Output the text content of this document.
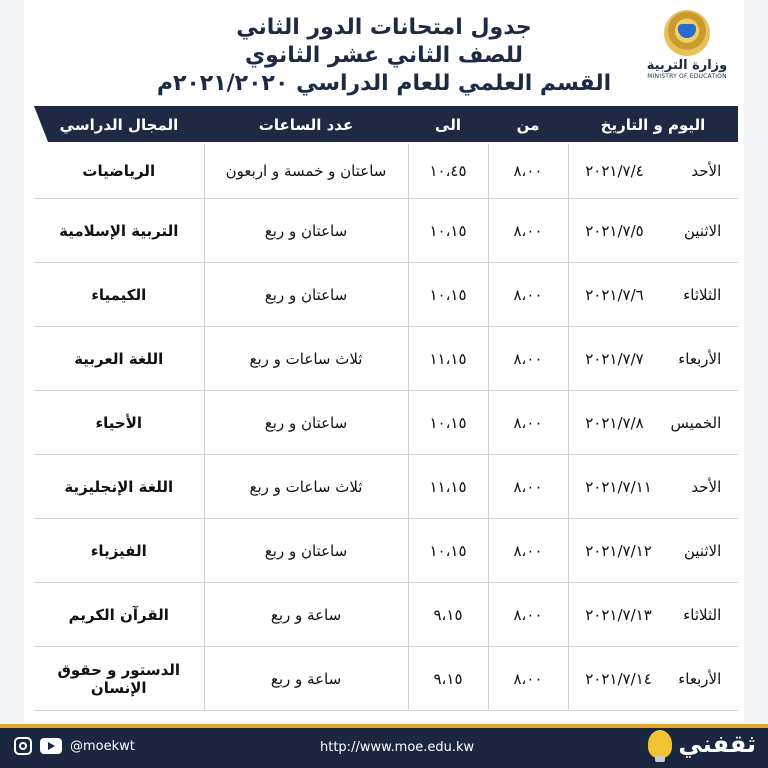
جدول امتحانات الدور الثاني
للصف الثاني عشر الثانوي
القسم العلمي للعام الدراسي ٢٠٢١/٢٠٢٠م
وزارة التربية
MINISTRY OF EDUCATION
اليوم و التاريخ	من	الى	عدد الساعات	المجال الدراسي
الأحد٢٠٢١/٧/٤	٨،٠٠	١٠،٤٥	ساعتان و خمسة و اربعون	الرياضيات
الاثنين٢٠٢١/٧/٥	٨،٠٠	١٠،١٥	ساعتان و ربع	التربية الإسلامية
الثلاثاء٢٠٢١/٧/٦	٨،٠٠	١٠،١٥	ساعتان و ربع	الكيمياء
الأربعاء٢٠٢١/٧/٧	٨،٠٠	١١،١٥	ثلاث ساعات و ربع	اللغة العربية
الخميس٢٠٢١/٧/٨	٨،٠٠	١٠،١٥	ساعتان و ربع	الأحياء
الأحد٢٠٢١/٧/١١	٨،٠٠	١١،١٥	ثلاث ساعات و ربع	اللغة الإنجليزية
الاثنين٢٠٢١/٧/١٢	٨،٠٠	١٠،١٥	ساعتان و ربع	الفيزياء
الثلاثاء٢٠٢١/٧/١٣	٨،٠٠	٩،١٥	ساعة و ربع	القرآن الكريم
الأربعاء٢٠٢١/٧/١٤	٨،٠٠	٩،١٥	ساعة و ربع	الدستور و حقوق الإنسان
@moekwt	http://www.moe.edu.kw	ثقفني
